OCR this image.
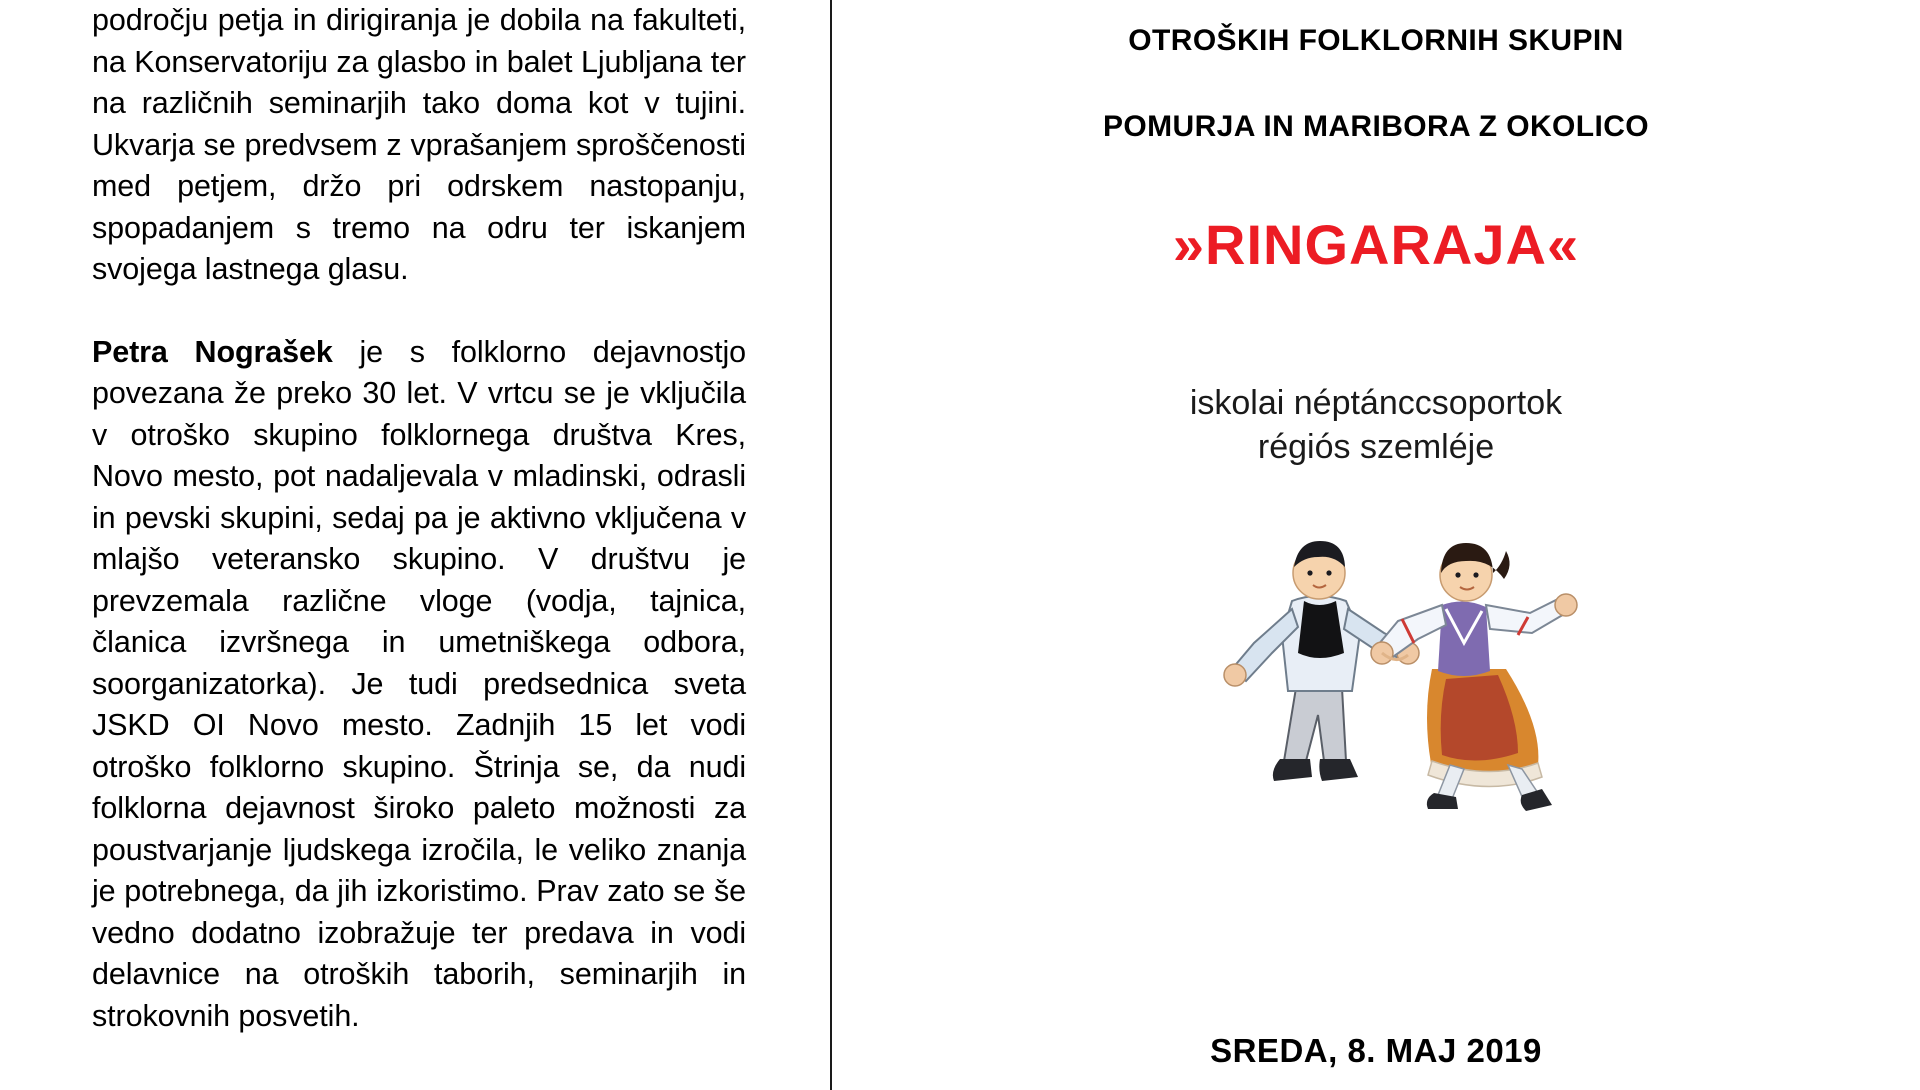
področju petja in dirigiranja je dobila na fakulteti, na Konservatoriju za glasbo in balet Ljubljana ter na različnih seminarjih tako doma kot v tujini. Ukvarja se predvsem z vprašanjem sproščenosti med petjem, držo pri odrskem nastopanju, spopadanjem s tremo na odru ter iskanjem svojega lastnega glasu.

Petra Nograšek je s folklorno dejavnostjo povezana že preko 30 let. V vrtcu se je vključila v otroško skupino folklornega društva Kres, Novo mesto, pot nadaljevala v mladinski, odrasli in pevski skupini, sedaj pa je aktivno vključena v mlajšo veteransko skupino. V društvu je prevzemala različne vloge (vodja, tajnica, članica izvršnega in umetniškega odbora, soorganizatorka). Je tudi predsednica sveta JSKD OI Novo mesto. Zadnjih 15 let vodi otroško folklorno skupino. Štrinja se, da nudi folklorna dejavnost široko paleto možnosti za poustvarjanje ljudskega izročila, le veliko znanja je potrebnega, da jih izkoristimo. Prav zato se še vedno dodatno izobražuje ter predava in vodi delavnice na otroških taborih, seminarjih in strokovnih posvetih.

OTROŠKIH FOLKLORNIH SKUPIN
POMURJA IN MARIBORA Z OKOLICO
»RINGARAJA«
iskolai néptánccsoportok
régiós szemléje
SREDA, 8. MAJ 2019
